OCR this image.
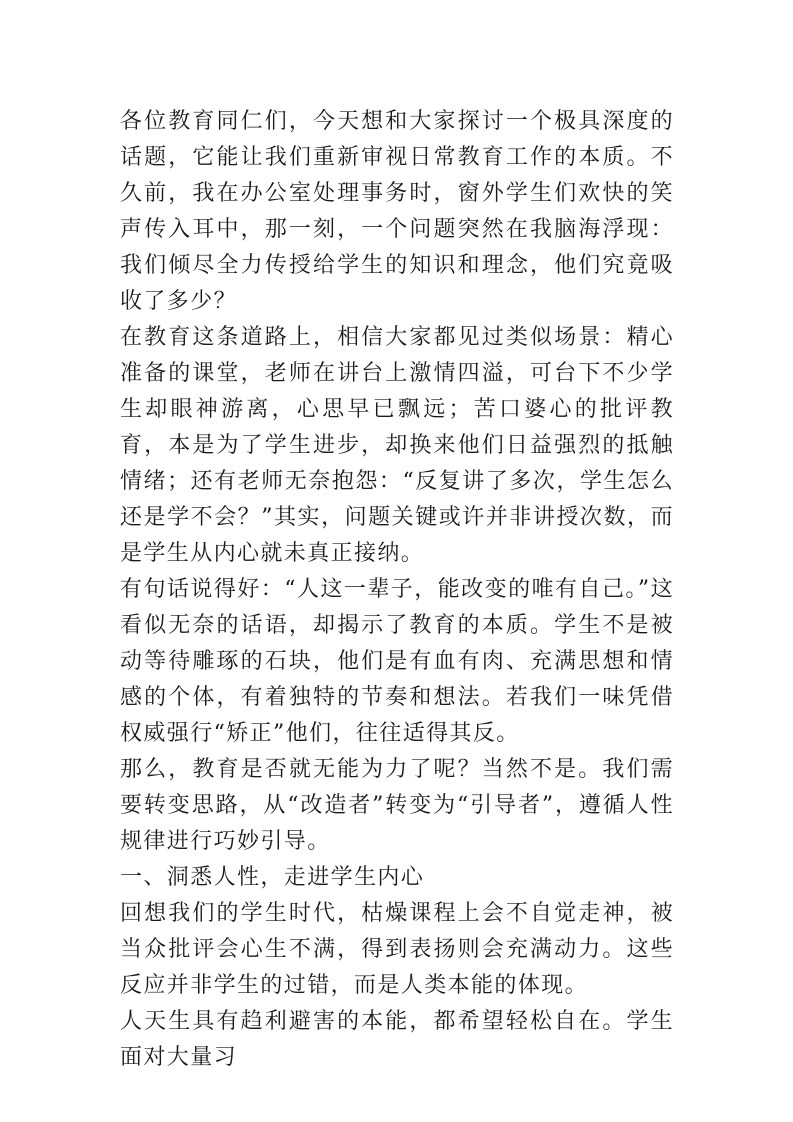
各位教育同仁们，今天想和大家探讨一个极具深度的话题，它能让我们重新审视日常教育工作的本质。不久前，我在办公室处理事务时，窗外学生们欢快的笑声传入耳中，那一刻，一个问题突然在我脑海浮现：我们倾尽全力传授给学生的知识和理念，他们究竟吸收了多少？

在教育这条道路上，相信大家都见过类似场景：精心准备的课堂，老师在讲台上激情四溢，可台下不少学生却眼神游离，心思早已飘远；苦口婆心的批评教育，本是为了学生进步，却换来他们日益强烈的抵触情绪；还有老师无奈抱怨：“反复讲了多次，学生怎么还是学不会？”其实，问题关键或许并非讲授次数，而是学生从内心就未真正接纳。

有句话说得好：“人这一辈子，能改变的唯有自己。”这看似无奈的话语，却揭示了教育的本质。学生不是被动等待雕琢的石块，他们是有血有肉、充满思想和情感的个体，有着独特的节奏和想法。若我们一味凭借权威强行“矫正”他们，往往适得其反。

那么，教育是否就无能为力了呢？当然不是。我们需要转变思路，从“改造者”转变为“引导者”，遵循人性规律进行巧妙引导。

一、洞悉人性，走进学生内心

回想我们的学生时代，枯燥课程上会不自觉走神，被当众批评会心生不满，得到表扬则会充满动力。这些反应并非学生的过错，而是人类本能的体现。

人天生具有趋利避害的本能，都希望轻松自在。学生面对大量习
